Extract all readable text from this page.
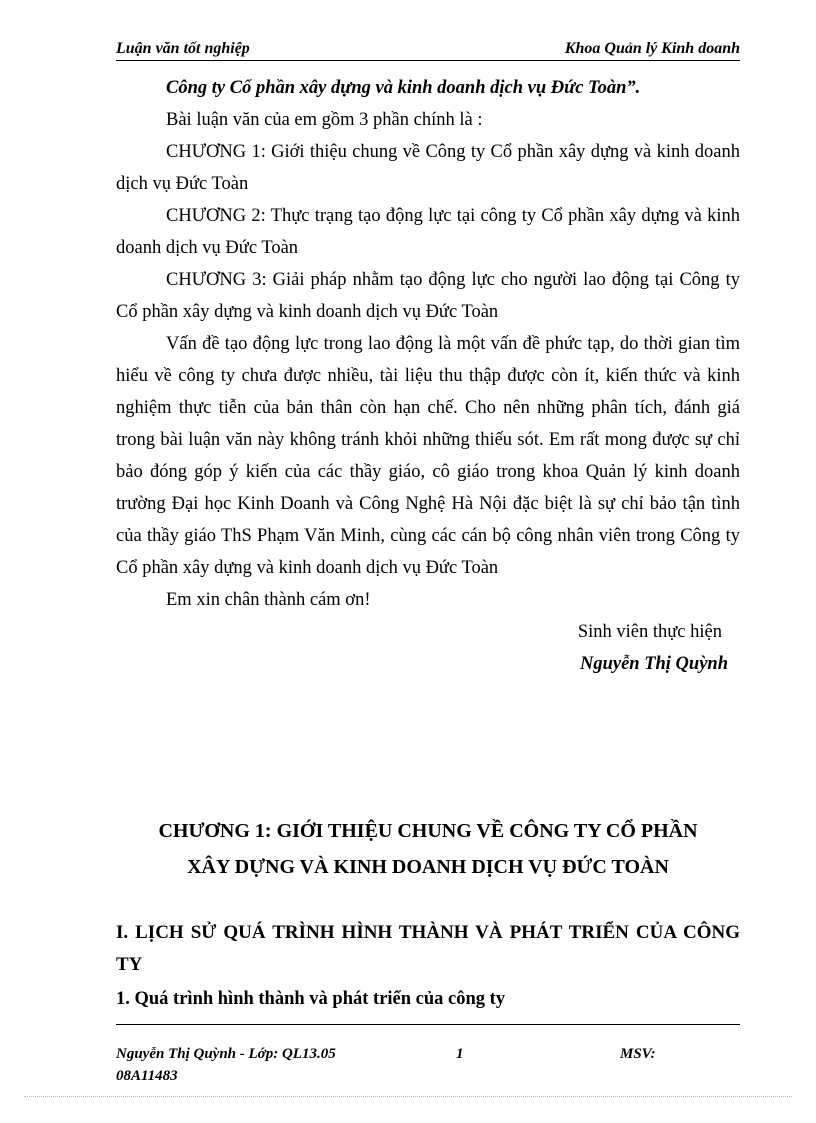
Luận văn tốt nghiệp	Khoa Quản lý Kinh doanh

Công ty Cổ phần xây dựng và kinh doanh dịch vụ Đức Toàn”.

Bài luận văn của em gồm 3 phần chính là :

CHƯƠNG 1: Giới thiệu chung về Công ty Cổ phần xây dựng và kinh doanh dịch vụ Đức Toàn

CHƯƠNG 2: Thực trạng tạo động lực tại công ty Cổ phần xây dựng và kinh doanh dịch vụ Đức Toàn

CHƯƠNG 3: Giải pháp nhằm tạo động lực cho người lao động tại Công ty Cổ phần xây dựng và kinh doanh dịch vụ Đức Toàn

Vấn đề tạo động lực trong lao động là một vấn đề phức tạp, do thời gian tìm hiểu về công ty chưa được nhiều, tài liệu thu thập được còn ít, kiến thức và kinh nghiệm thực tiễn của bản thân còn hạn chế. Cho nên những phân tích, đánh giá trong bài luận văn này không tránh khỏi những thiếu sót. Em rất mong được sự chỉ bảo đóng góp ý kiến của các thầy giáo, cô giáo trong khoa Quản lý kinh doanh trường Đại học Kinh Doanh và Công Nghệ Hà Nội đặc biệt là sự chỉ bảo tận tình của thầy giáo ThS Phạm Văn Minh, cùng các cán bộ công nhân viên trong Công ty Cổ phần xây dựng và kinh doanh dịch vụ Đức Toàn

Em xin chân thành cám ơn!

Sinh viên thực hiện

Nguyễn Thị Quỳnh

CHƯƠNG 1: GIỚI THIỆU CHUNG VỀ CÔNG TY CỔ PHẦN
XÂY DỰNG VÀ KINH DOANH DỊCH VỤ ĐỨC TOÀN
I. LỊCH SỬ QUÁ TRÌNH HÌNH THÀNH VÀ PHÁT TRIỂN CỦA CÔNG TY
1. Quá trình hình thành và phát triển của công ty
Nguyễn Thị Quỳnh - Lớp: QL13.05	1	MSV:
08A11483
